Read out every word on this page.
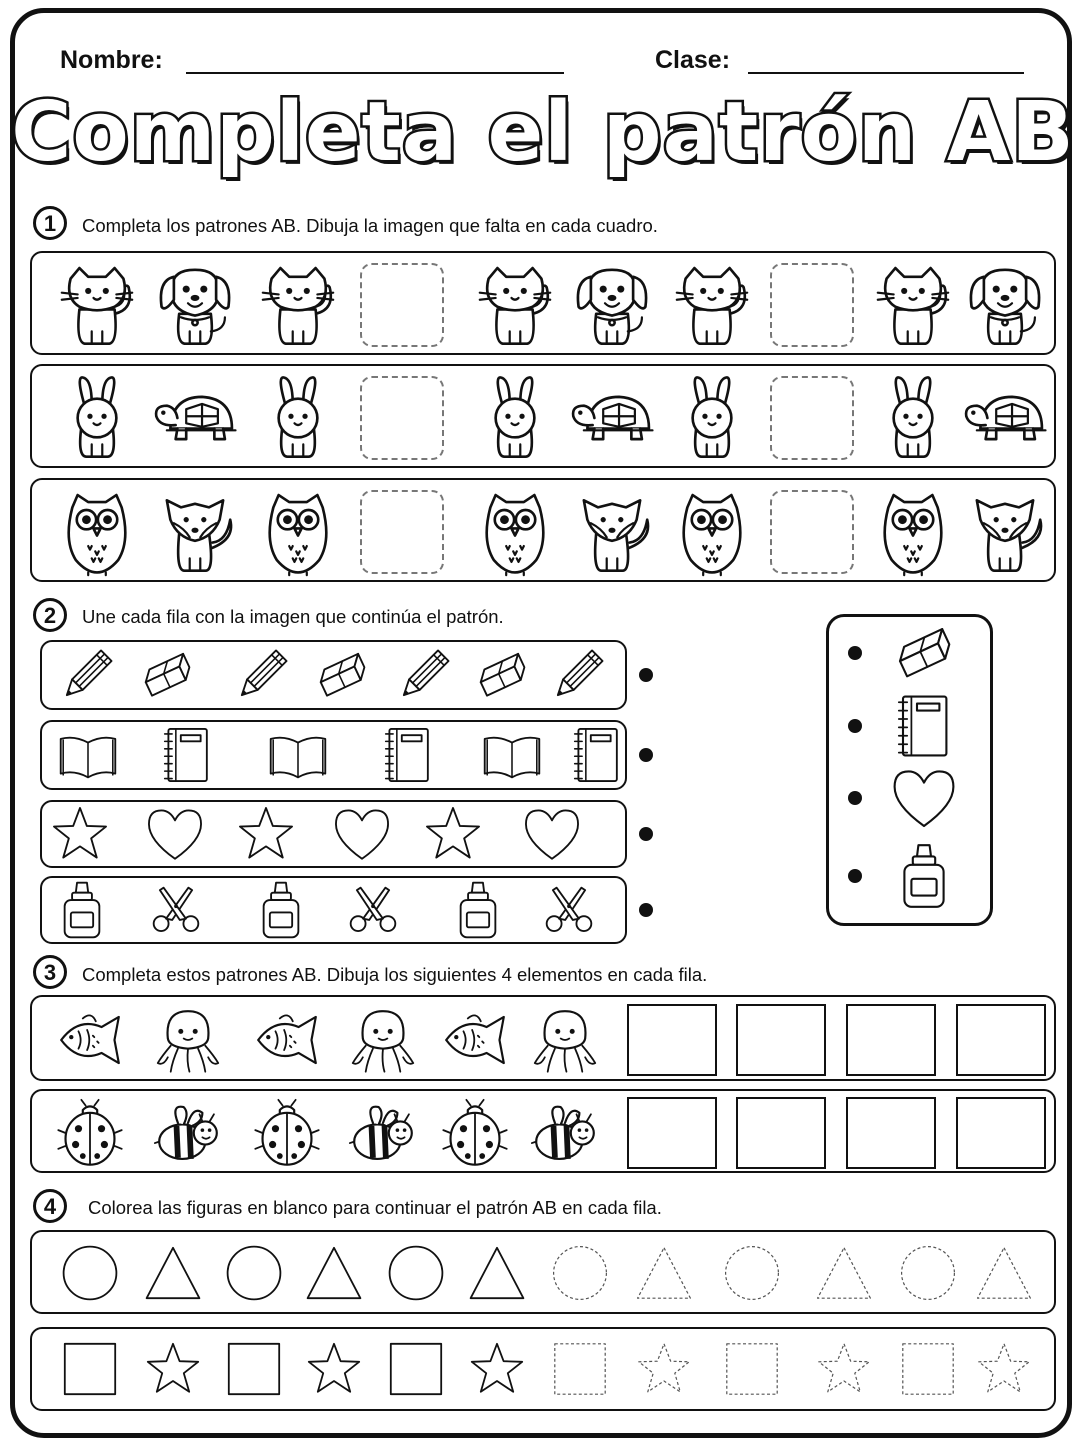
Nombre:	Clase:
Completa el patrón AB
1	Completa los patrones AB. Dibuja la imagen que falta en cada cuadro.
2	Une cada fila con la imagen que continúa el patrón.
3	Completa estos patrones AB. Dibuja los siguientes 4 elementos en cada fila.
4	Colorea las figuras en blanco para continuar el patrón AB en cada fila.
